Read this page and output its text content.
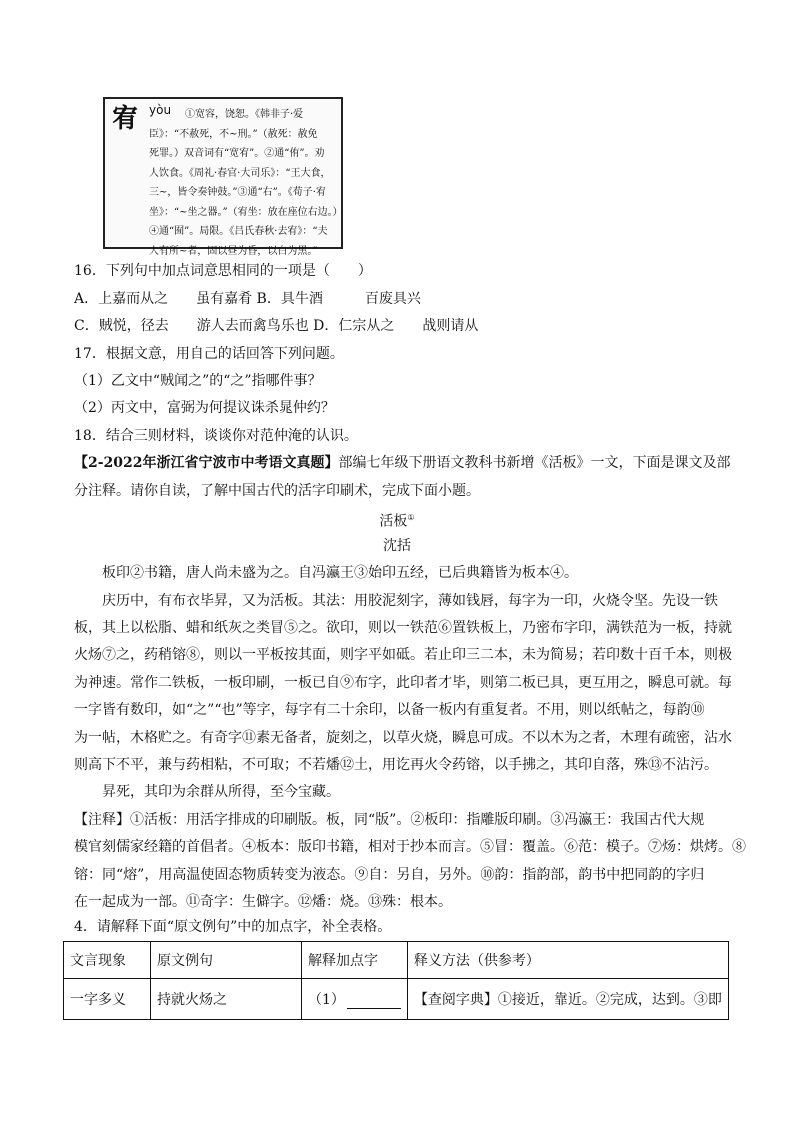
宥 yòu	①宽容，饶恕。《韩非子·爱
臣》：“不赦死，不~刑。”（赦死：赦免
死罪。）双音词有“宽宥”。②通“侑”。劝
人饮食。《周礼·春官·大司乐》：“王大食，
三~，皆令奏钟鼓。”③通“右”。《荀子·宥
坐》：“~坐之器。”（宥坐：放在座位右边。）
④通“囿”。局限。《吕氏春秋·去宥》：“夫
人有所~者，固以昼为昏，以白为黑。”
16．下列句中加点词意思相同的一项是（　　）
A．上嘉而从之　　虽有嘉肴 B．具牛酒　　　百废具兴
C．贼悦，径去　　游人去而禽鸟乐也 D．仁宗从之　　战则请从
17．根据文意，用自己的话回答下列问题。
（1）乙文中“贼闻之”的“之”指哪件事？
（2）丙文中，富弼为何提议诛杀晁仲约？
18．结合三则材料，谈谈你对范仲淹的认识。
【2-2022年浙江省宁波市中考语文真题】部编七年级下册语文教科书新增《活板》一文，下面是课文及部
分注释。请你自读，了解中国古代的活字印刷术，完成下面小题。
活板①
沈括
板印②书籍，唐人尚未盛为之。自冯瀛王③始印五经，已后典籍皆为板本④。
庆历中，有布衣毕昇，又为活板。其法：用胶泥刻字，薄如钱唇，每字为一印，火烧令坚。先设一铁
板，其上以松脂、蜡和纸灰之类冒⑤之。欲印，则以一铁范⑥置铁板上，乃密布字印，满铁范为一板，持就
火炀⑦之，药稍镕⑧，则以一平板按其面，则字平如砥。若止印三二本，未为简易；若印数十百千本，则极
为神速。常作二铁板，一板印刷，一板已自⑨布字，此印者才毕，则第二板已具，更互用之，瞬息可就。每
一字皆有数印，如“之”“也”等字，每字有二十余印，以备一板内有重复者。不用，则以纸帖之，每韵⑩
为一帖，木格贮之。有奇字⑪素无备者，旋刻之，以草火烧，瞬息可成。不以木为之者，木理有疏密，沾水
则高下不平，兼与药相粘，不可取；不若燔⑫土，用讫再火令药镕，以手拂之，其印自落，殊⑬不沾污。
昇死，其印为余群从所得，至今宝藏。
【注释】①活板：用活字排成的印刷版。板，同“版”。②板印：指雕版印刷。③冯瀛王：我国古代大规
模官刻儒家经籍的首倡者。④板本：版印书籍，相对于抄本而言。⑤冒：覆盖。⑥范：模子。⑦炀：烘烤。⑧
镕：同“熔”，用高温使固态物质转变为液态。⑨自：另自，另外。⑩韵：指韵部，韵书中把同韵的字归
在一起成为一部。⑪奇字：生僻字。⑫燔：烧。⑬殊：根本。
4．请解释下面“原文例句”中的加点字，补全表格。
文言现象	原文例句	解释加点字	释义方法（供参考）
一字多义	持就火炀之	（1）	【查阅字典】①接近，靠近。②完成，达到。③即
